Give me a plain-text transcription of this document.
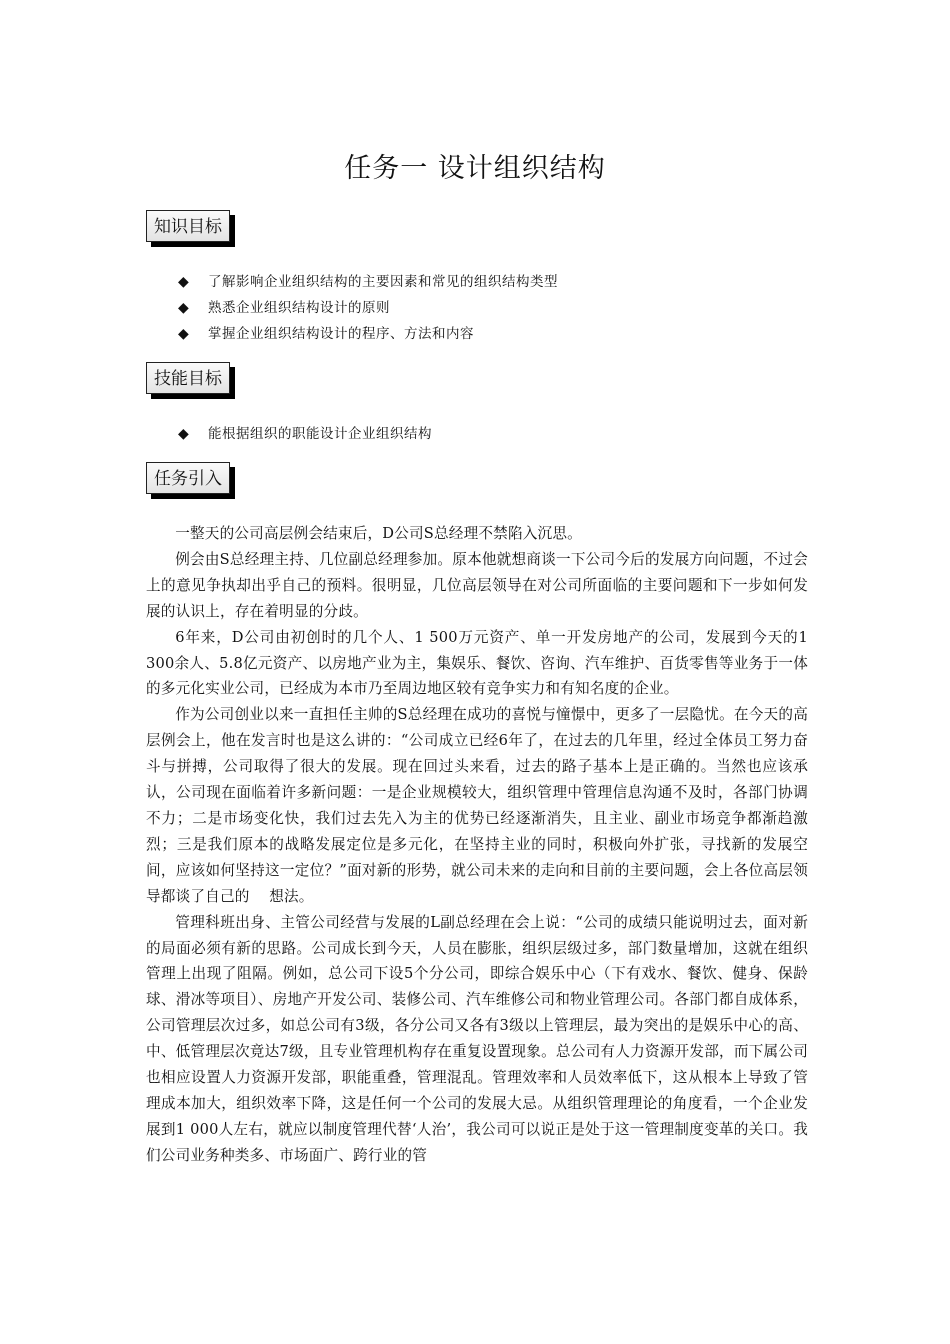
任务一 设计组织结构
知识目标
◆ 了解影响企业组织结构的主要因素和常见的组织结构类型
◆ 熟悉企业组织结构设计的原则
◆ 掌握企业组织结构设计的程序、方法和内容
技能目标
◆ 能根据组织的职能设计企业组织结构
任务引入

一整天的公司高层例会结束后，D公司S总经理不禁陷入沉思。

例会由S总经理主持、几位副总经理参加。原本他就想商谈一下公司今后的发展方向问题，不过会上的意见争执却出乎自己的预料。很明显，几位高层领导在对公司所面临的主要问题和下一步如何发展的认识上，存在着明显的分歧。

6年来，D公司由初创时的几个人、1 500万元资产、单一开发房地产的公司，发展到今天的1 300余人、5.8亿元资产、以房地产业为主，集娱乐、餐饮、咨询、汽车维护、百货零售等业务于一体的多元化实业公司，已经成为本市乃至周边地区较有竞争实力和有知名度的企业。

作为公司创业以来一直担任主帅的S总经理在成功的喜悦与憧憬中，更多了一层隐忧。在今天的高层例会上，他在发言时也是这么讲的：“公司成立已经6年了，在过去的几年里，经过全体员工努力奋斗与拼搏，公司取得了很大的发展。现在回过头来看，过去的路子基本上是正确的。当然也应该承认，公司现在面临着许多新问题：一是企业规模较大，组织管理中管理信息沟通不及时，各部门协调不力；二是市场变化快，我们过去先入为主的优势已经逐渐消失，且主业、副业市场竞争都渐趋激烈；三是我们原本的战略发展定位是多元化，在坚持主业的同时，积极向外扩张，寻找新的发展空间，应该如何坚持这一定位？”面对新的形势，就公司未来的走向和目前的主要问题，会上各位高层领导都谈了自己的　 想法。

管理科班出身、主管公司经营与发展的L副总经理在会上说：“公司的成绩只能说明过去，面对新的局面必须有新的思路。公司成长到今天，人员在膨胀，组织层级过多，部门数量增加，这就在组织管理上出现了阻隔。例如，总公司下设5个分公司，即综合娱乐中心（下有戏水、餐饮、健身、保龄球、滑冰等项目）、房地产开发公司、装修公司、汽车维修公司和物业管理公司。各部门都自成体系，公司管理层次过多，如总公司有3级，各分公司又各有3级以上管理层，最为突出的是娱乐中心的高、中、低管理层次竟达7级，且专业管理机构存在重复设置现象。总公司有人力资源开发部，而下属公司也相应设置人力资源开发部，职能重叠，管理混乱。管理效率和人员效率低下，这从根本上导致了管理成本加大，组织效率下降，这是任何一个公司的发展大忌。从组织管理理论的角度看，一个企业发展到1 000人左右，就应以制度管理代替‘人治’，我公司可以说正是处于这一管理制度变革的关口。我们公司业务种类多、市场面广、跨行业的管
